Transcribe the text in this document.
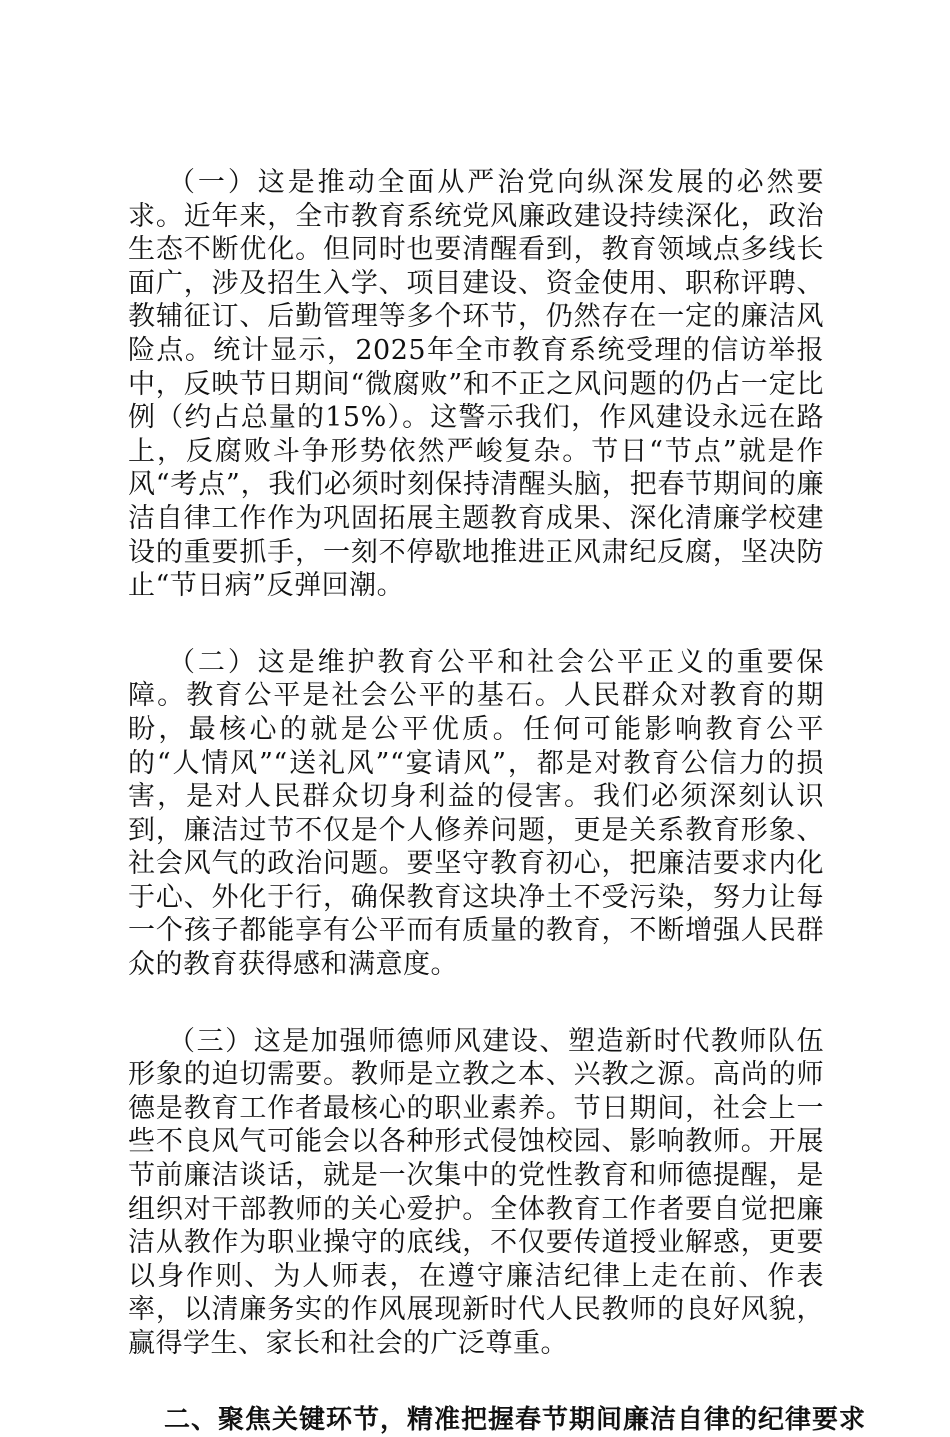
（一）这是推动全面从严治党向纵深发展的必然要求。近年来，全市教育系统党风廉政建设持续深化，政治生态不断优化。但同时也要清醒看到，教育领域点多线长面广，涉及招生入学、项目建设、资金使用、职称评聘、教辅征订、后勤管理等多个环节，仍然存在一定的廉洁风险点。统计显示，2025年全市教育系统受理的信访举报中，反映节日期间“微腐败”和不正之风问题的仍占一定比例（约占总量的15%）。这警示我们，作风建设永远在路上，反腐败斗争形势依然严峻复杂。节日“节点”就是作风“考点”，我们必须时刻保持清醒头脑，把春节期间的廉洁自律工作作为巩固拓展主题教育成果、深化清廉学校建设的重要抓手，一刻不停歇地推进正风肃纪反腐，坚决防止“节日病”反弹回潮。

（二）这是维护教育公平和社会公平正义的重要保障。教育公平是社会公平的基石。人民群众对教育的期盼，最核心的就是公平优质。任何可能影响教育公平的“人情风”“送礼风”“宴请风”，都是对教育公信力的损害，是对人民群众切身利益的侵害。我们必须深刻认识到，廉洁过节不仅是个人修养问题，更是关系教育形象、社会风气的政治问题。要坚守教育初心，把廉洁要求内化于心、外化于行，确保教育这块净土不受污染，努力让每一个孩子都能享有公平而有质量的教育，不断增强人民群众的教育获得感和满意度。

（三）这是加强师德师风建设、塑造新时代教师队伍形象的迫切需要。教师是立教之本、兴教之源。高尚的师德是教育工作者最核心的职业素养。节日期间，社会上一些不良风气可能会以各种形式侵蚀校园、影响教师。开展节前廉洁谈话，就是一次集中的党性教育和师德提醒，是组织对干部教师的关心爱护。全体教育工作者要自觉把廉洁从教作为职业操守的底线，不仅要传道授业解惑，更要以身作则、为人师表，在遵守廉洁纪律上走在前、作表率，以清廉务实的作风展现新时代人民教师的良好风貌，赢得学生、家长和社会的广泛尊重。

二、聚焦关键环节，精准把握春节期间廉洁自律的纪律要求
